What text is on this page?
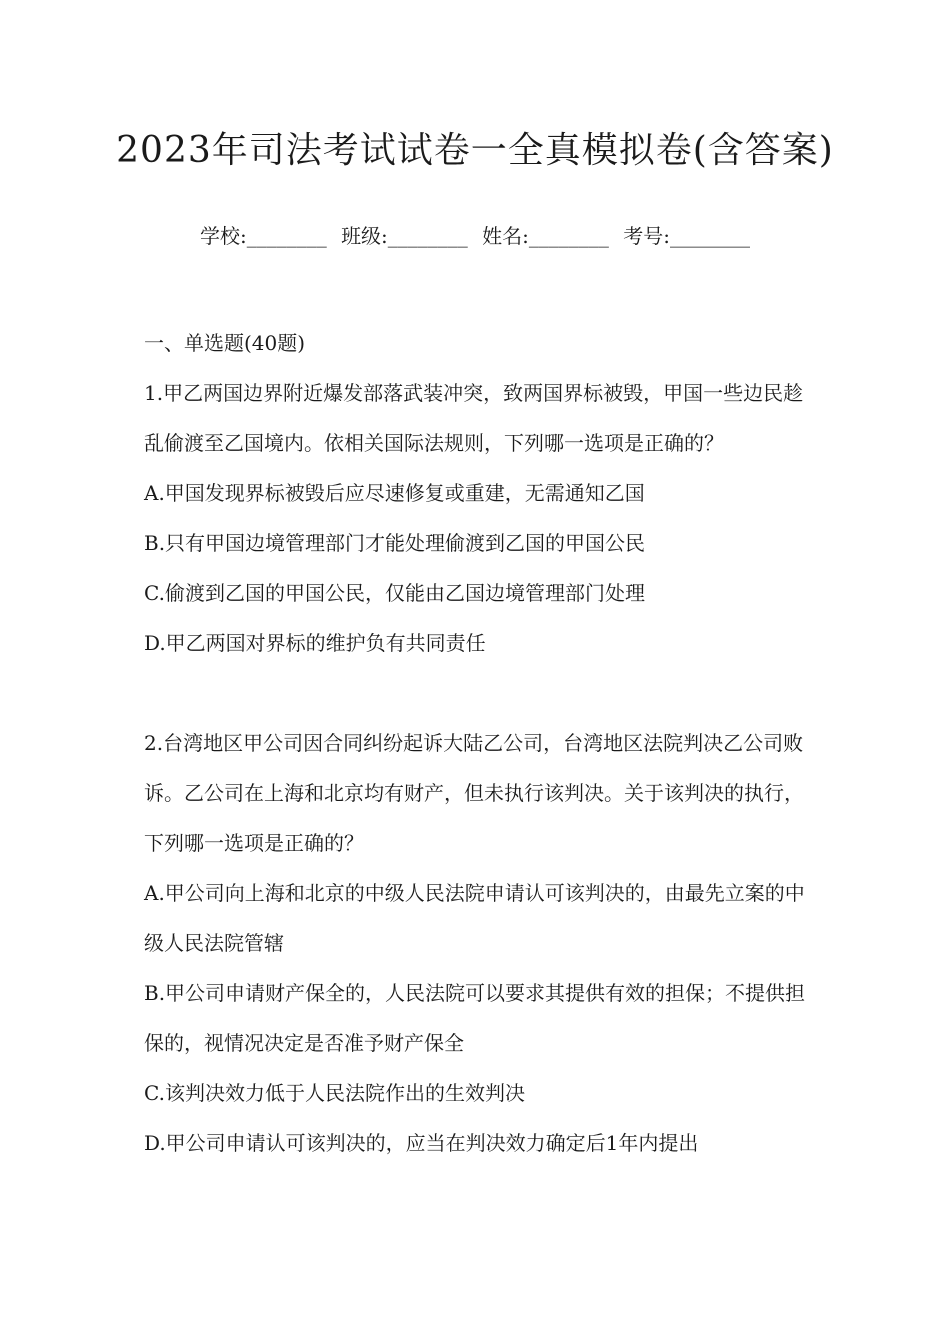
2023年司法考试试卷一全真模拟卷(含答案)
学校:________ 班级:________ 姓名:________ 考号:________

一、单选题(40题)

1.甲乙两国边界附近爆发部落武装冲突，致两国界标被毁，甲国一些边民趁乱偷渡至乙国境内。依相关国际法规则，下列哪一选项是正确的？

A.甲国发现界标被毁后应尽速修复或重建，无需通知乙国

B.只有甲国边境管理部门才能处理偷渡到乙国的甲国公民

C.偷渡到乙国的甲国公民，仅能由乙国边境管理部门处理

D.甲乙两国对界标的维护负有共同责任

2.台湾地区甲公司因合同纠纷起诉大陆乙公司，台湾地区法院判决乙公司败诉。乙公司在上海和北京均有财产，但未执行该判决。关于该判决的执行，下列哪一选项是正确的？

A.甲公司向上海和北京的中级人民法院申请认可该判决的，由最先立案的中级人民法院管辖

B.甲公司申请财产保全的，人民法院可以要求其提供有效的担保；不提供担保的，视情况决定是否准予财产保全

C.该判决效力低于人民法院作出的生效判决

D.甲公司申请认可该判决的，应当在判决效力确定后1年内提出
